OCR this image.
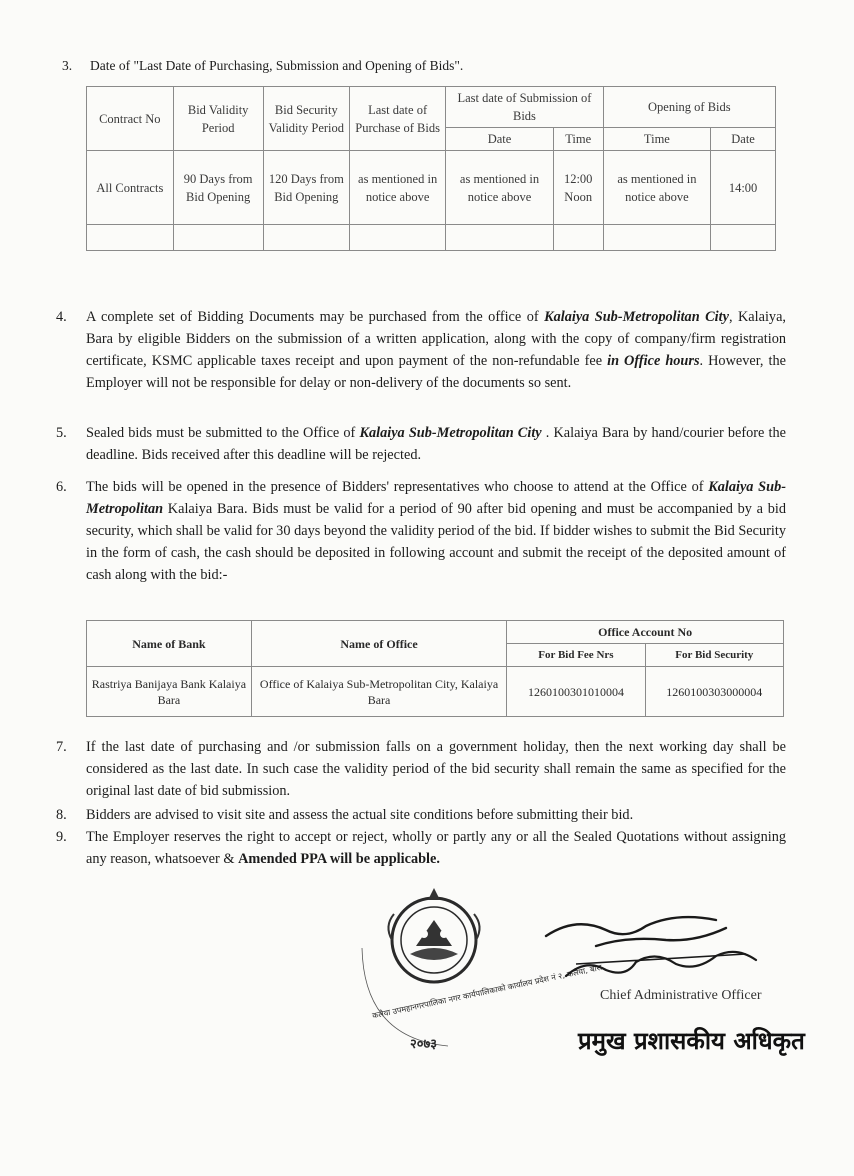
3. Date of "Last Date of Purchasing, Submission and Opening of Bids".
Contract No	Bid Validity Period	Bid Security Validity Period	Last date of Purchase of Bids	Last date of Submission of Bids		Opening of Bids	
				Date	Time	Time	Date
All Contracts	90 Days from Bid Opening	120 Days from Bid Opening	as mentioned in notice above	as mentioned in notice above	12:00 Noon	as mentioned in notice above	14:00

4. A complete set of Bidding Documents may be purchased from the office of Kalaiya Sub-Metropolitan City, Kalaiya, Bara by eligible Bidders on the submission of a written application, along with the copy of company/firm registration certificate, KSMC applicable taxes receipt and upon payment of the non-refundable fee in Office hours. However, the Employer will not be responsible for delay or non-delivery of the documents so sent.
5. Sealed bids must be submitted to the Office of Kalaiya Sub-Metropolitan City . Kalaiya Bara by hand/courier before the deadline. Bids received after this deadline will be rejected.
6. The bids will be opened in the presence of Bidders' representatives who choose to attend at the Office of Kalaiya Sub-Metropolitan Kalaiya Bara. Bids must be valid for a period of 90 after bid opening and must be accompanied by a bid security, which shall be valid for 30 days beyond the validity period of the bid. If bidder wishes to submit the Bid Security in the form of cash, the cash should be deposited in following account and submit the receipt of the deposited amount of cash along with the bid:-
Name of Bank	Name of Office	Office Account No	
		For Bid Fee Nrs	For Bid Security
Rastriya Banijaya Bank Kalaiya Bara	Office of Kalaiya Sub-Metropolitan City, Kalaiya Bara	1260100301010004	1260100303000004
7. If the last date of purchasing and /or submission falls on a government holiday, then the next working day shall be considered as the last date. In such case the validity period of the bid security shall remain the same as specified for the original last date of bid submission.
8. Bidders are advised to visit site and assess the actual site conditions before submitting their bid.
9. The Employer reserves the right to accept or reject, wholly or partly any or all the Sealed Quotations without assigning any reason, whatsoever & Amended PPA will be applicable.
कलैया उपमहानगरपालिका नगर कार्यपालिकाको कार्यालय प्रदेश नं २, कलैया, बारा
२०७३
Chief Administrative Officer
प्रमुख प्रशासकीय अधिकृत
